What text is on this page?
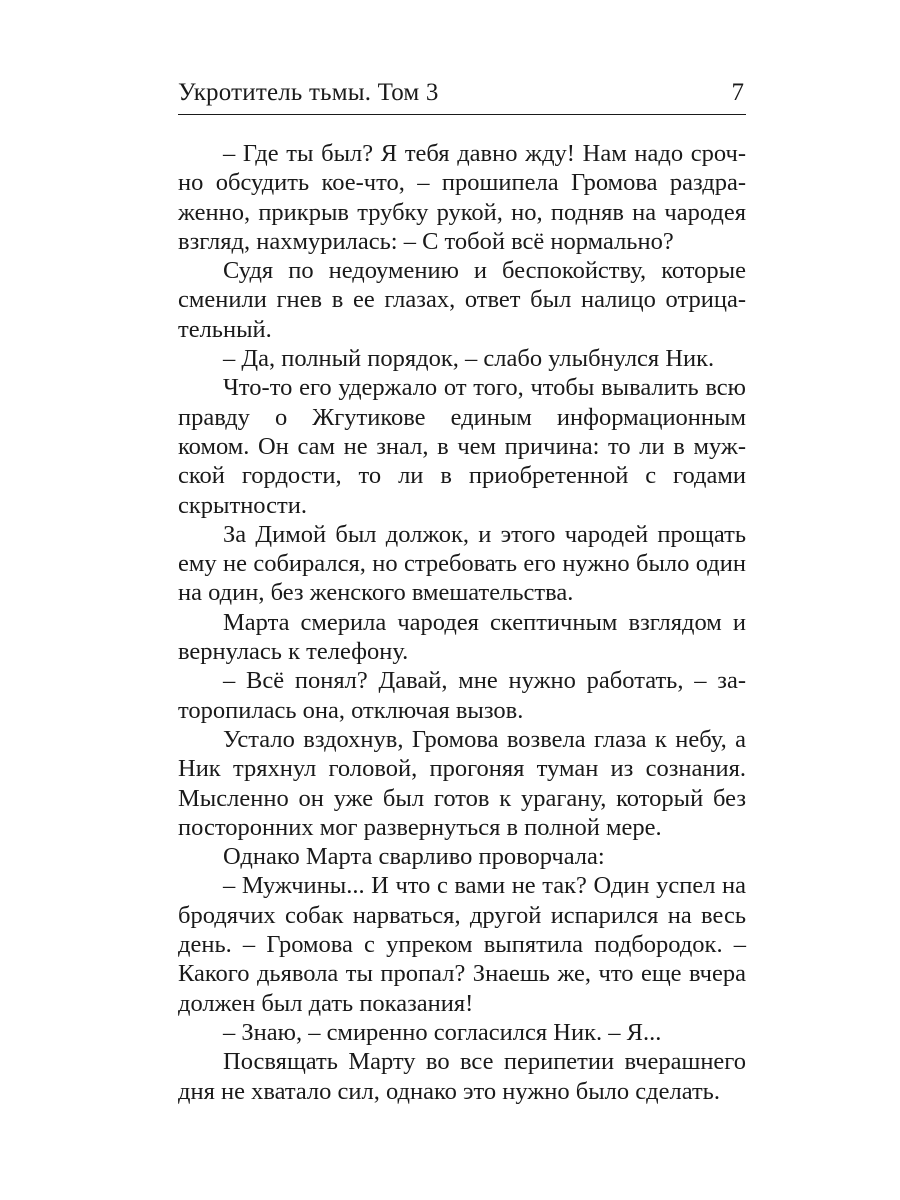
Укротитель тьмы. Том 3	7

– Где ты был? Я тебя давно жду! Нам надо срочно обсудить кое-что, – прошипела Громова раздраженно, прикрыв трубку рукой, но, подняв на чародея взгляд, нахмурилась: – С тобой всё нормально?

Судя по недоумению и беспокойству, которые сменили гнев в ее глазах, ответ был налицо отрицательный.

– Да, полный порядок, – слабо улыбнулся Ник.

Что-то его удержало от того, чтобы вывалить всю правду о Жгутикове единым информационным комом. Он сам не знал, в чем причина: то ли в мужской гордости, то ли в приобретенной с годами скрытности.

За Димой был должок, и этого чародей прощать ему не собирался, но стребовать его нужно было один на один, без женского вмешательства.

Марта смерила чародея скептичным взглядом и вернулась к телефону.

– Всё понял? Давай, мне нужно работать, – заторопилась она, отключая вызов.

Устало вздохнув, Громова возвела глаза к небу, а Ник тряхнул головой, прогоняя туман из сознания. Мысленно он уже был готов к урагану, который без посторонних мог развернуться в полной мере.

Однако Марта сварливо проворчала:

– Мужчины... И что с вами не так? Один успел на бродячих собак нарваться, другой испарился на весь день. – Громова с упреком выпятила подбородок. – Какого дьявола ты пропал? Знаешь же, что еще вчера должен был дать показания!

– Знаю, – смиренно согласился Ник. – Я...

Посвящать Марту во все перипетии вчерашнего дня не хватало сил, однако это нужно было сделать.
